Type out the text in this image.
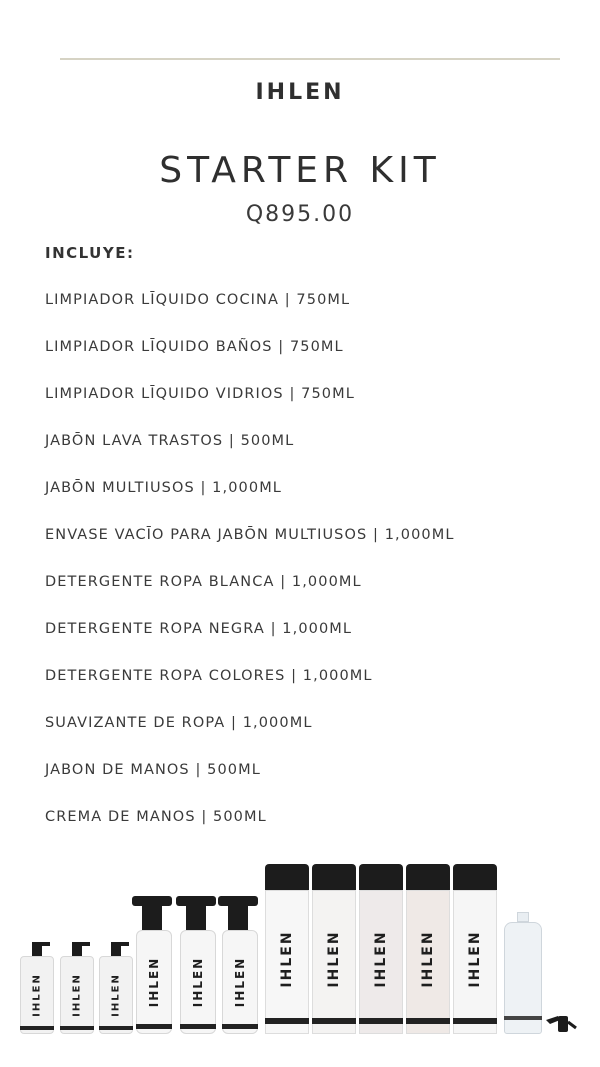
IHLEN
STARTER KIT
Q895.00
INCLUYE:
LIMPIADOR LĪQUIDO COCINA | 750ML
LIMPIADOR LĪQUIDO BAÑOS | 750ML
LIMPIADOR LĪQUIDO VIDRIOS | 750ML
JABŌN LAVA TRASTOS | 500ML
JABŌN MULTIUSOS | 1,000ML
ENVASE VACĪO PARA JABŌN MULTIUSOS | 1,000ML
DETERGENTE ROPA BLANCA | 1,000ML
DETERGENTE ROPA NEGRA | 1,000ML
DETERGENTE ROPA COLORES | 1,000ML
SUAVIZANTE DE ROPA | 1,000ML
JABON DE MANOS | 500ML
CREMA DE MANOS | 500ML
IHLEN	IHLEN	IHLEN IHLEN	IHLEN IHLEN IHLEN IHLEN IHLEN IHLEN IHLEN
